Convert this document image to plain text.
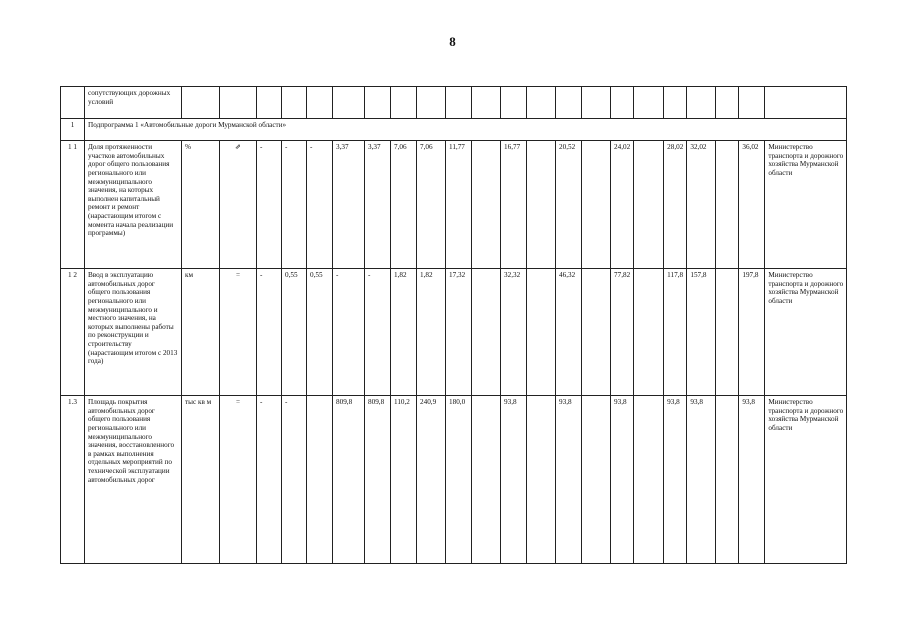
8
	сопутствующих дорожных условий																						
1	Подпрограмма 1 «Автомобильные дороги Мурманской области»																						
1 1	Доля протяженности участков автомобильных дорог общего пользования регионального или межмуниципального значения, на которых выполнен капитальный ремонт и ремонт (нарастающим итогом с момента начала реализации программы)	%	⇗	-	-	-	3,37	3,37	7,06	7,06	11,77		16,77		20,52		24,02		28,02	32,02		36,02	Министерство транспорта и дорожного хозяйства Мурманской области
1 2	Ввод в эксплуатацию автомобильных дорог общего пользования регионального или межмуниципального и местного значения, на которых выполнены работы по реконструкции и строительству (нарастающим итогом с 2013 года)	км	=	-	0,55	0,55	-	-	1,82	1,82	17,32		32,32		46,32		77,82		117,8	157,8		197,8	Министерство транспорта и дорожного хозяйства Мурманской области
1.3	Площадь покрытия автомобильных дорог общего пользования регионального или межмуниципального значения, восстановленного в рамках выполнения отдельных мероприятий по технической эксплуатации автомобильных дорог	тыс кв м	=	-	-		809,8	809,8	110,2	240,9	180,0		93,8		93,8		93,8		93,8	93,8		93,8	Министерство транспорта и дорожного хозяйства Мурманской области
